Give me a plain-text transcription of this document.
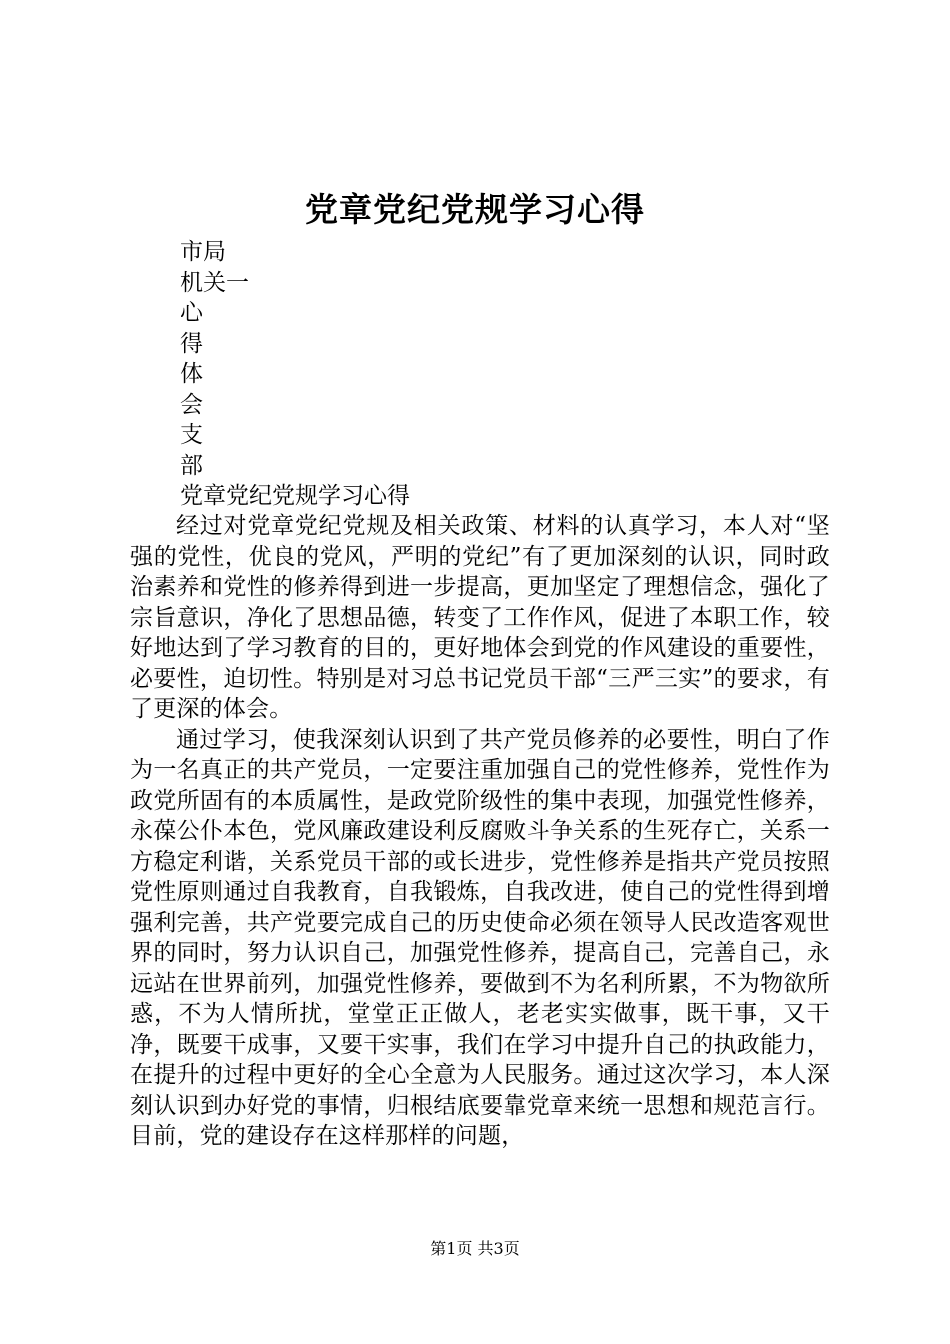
党章党纪党规学习心得
市局
机关一
心
得
体
会
支
部
党章党纪党规学习心得

经过对党章党纪党规及相关政策、材料的认真学习，本人对“坚强的党性，优良的党风，严明的党纪”有了更加深刻的认识，同时政治素养和党性的修养得到进一步提高，更加坚定了理想信念，强化了宗旨意识，净化了思想品德，转变了工作作风，促进了本职工作，较好地达到了学习教育的目的，更好地体会到党的作风建设的重要性，必要性，迫切性。特别是对习总书记党员干部“三严三实”的要求，有了更深的体会。

通过学习，使我深刻认识到了共产党员修养的必要性，明白了作为一名真正的共产党员，一定要注重加强自己的党性修养，党性作为政党所固有的本质属性，是政党阶级性的集中表现，加强党性修养，永葆公仆本色，党风廉政建设利反腐败斗争关系的生死存亡，关系一方稳定利谐，关系党员干部的或长进步，党性修养是指共产党员按照党性原则通过自我教育，自我锻炼，自我改进，使自己的党性得到增强利完善，共产党要完成自己的历史使命必须在领导人民改造客观世界的同时，努力认识自己，加强党性修养，提高自己，完善自己，永远站在世界前列，加强党性修养，要做到不为名利所累，不为物欲所惑，不为人情所扰，堂堂正正做人，老老实实做事，既干事，又干净，既要干成事，又要干实事，我们在学习中提升自己的执政能力，在提升的过程中更好的全心全意为人民服务。通过这次学习，本人深刻认识到办好党的事情，归根结底要靠党章来统一思想和规范言行。目前，党的建设存在这样那样的问题，

第1页 共3页
